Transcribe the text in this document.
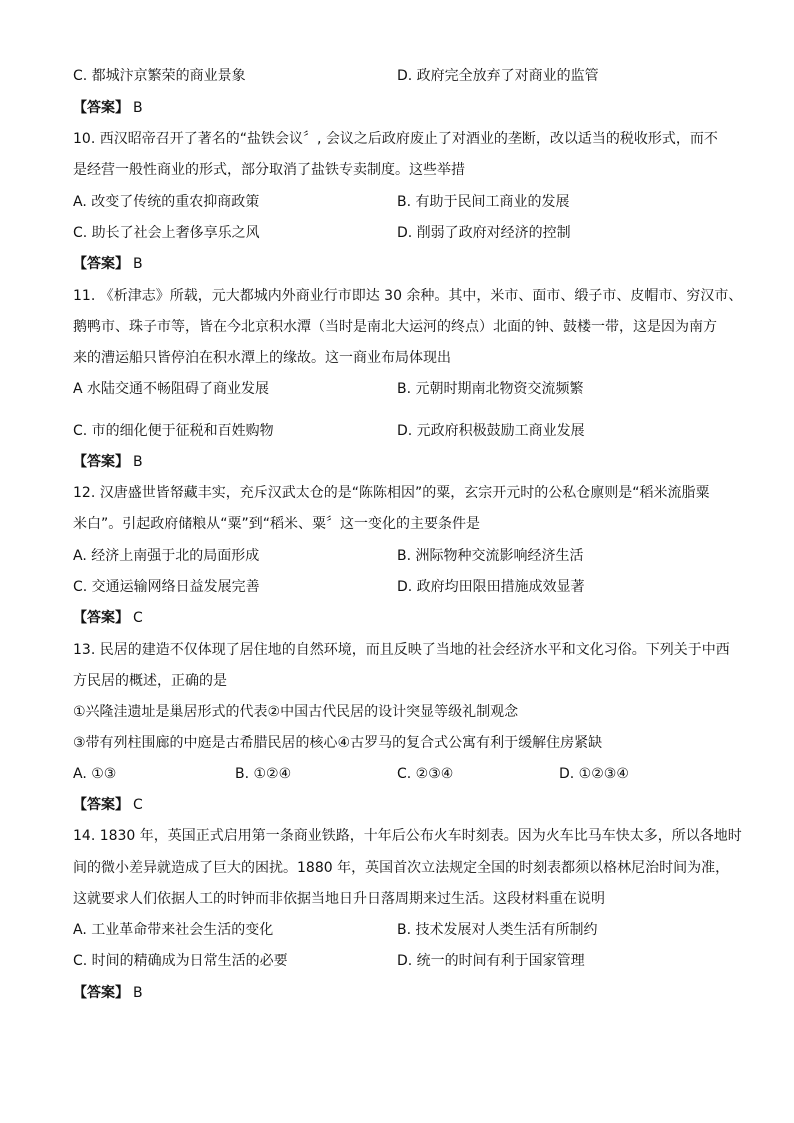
C. 都城汴京繁荣的商业景象	D. 政府完全放弃了对商业的监管
【答案】 B
10. 西汉昭帝召开了著名的“盐铁会议〞, 会议之后政府废止了对酒业的垄断，改以适当的税收形式，而不
是经营一般性商业的形式，部分取消了盐铁专卖制度。这些举措
A. 改变了传统的重农抑商政策	B. 有助于民间工商业的发展
C. 助长了社会上奢侈享乐之风	D. 削弱了政府对经济的控制
【答案】 B
11. 《析津志》所载，元大都城内外商业行市即达 30 余种。其中，米市、面市、缎子市、皮帽市、穷汉市、
鹅鸭市、珠子市等，皆在今北京积水潭（当时是南北大运河的终点）北面的钟、鼓楼一带，这是因为南方
来的漕运船只皆停泊在积水潭上的缘故。这一商业布局体现出
A 水陆交通不畅阻碍了商业发展	B. 元朝时期南北物资交流频繁
C. 市的细化便于征税和百姓购物	D. 元政府积极鼓励工商业发展
【答案】 B
12. 汉唐盛世皆帑藏丰实，充斥汉武太仓的是“陈陈相因”的粟，玄宗开元时的公私仓廪则是“稻米流脂粟
米白”。引起政府储粮从“粟”到“稻米、粟〞这一变化的主要条件是
A. 经济上南强于北的局面形成	B. 洲际物种交流影响经济生活
C. 交通运输网络日益发展完善	D. 政府均田限田措施成效显著
【答案】 C
13. 民居的建造不仅体现了居住地的自然环境，而且反映了当地的社会经济水平和文化习俗。下列关于中西
方民居的概述，正确的是
①兴隆洼遗址是巢居形式的代表②中国古代民居的设计突显等级礼制观念
③带有列柱围廊的中庭是古希腊民居的核心④古罗马的复合式公寓有利于缓解住房紧缺
A. ①③	B. ①②④	C. ②③④	D. ①②③④
【答案】 C
14. 1830 年，英国正式启用第一条商业铁路，十年后公布火车时刻表。因为火车比马车快太多，所以各地时
间的微小差异就造成了巨大的困扰。1880 年，英国首次立法规定全国的时刻表都须以格林尼治时间为准，
这就要求人们依据人工的时钟而非依据当地日升日落周期来过生活。这段材料重在说明
A. 工业革命带来社会生活的变化	B. 技术发展对人类生活有所制约
C. 时间的精确成为日常生活的必要	D. 统一的时间有利于国家管理
【答案】 B
